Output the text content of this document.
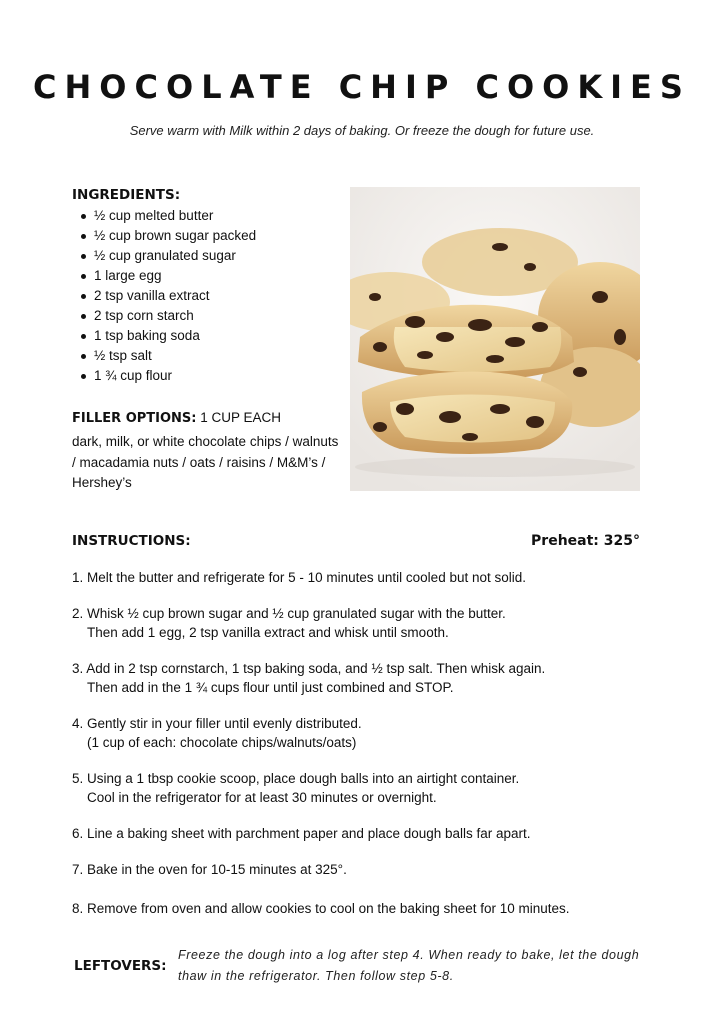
CHOCOLATE CHIP COOKIES
Serve warm with Milk within 2 days of baking. Or freeze the dough for future use.
INGREDIENTS:
½ cup melted butter
½ cup brown sugar packed
½ cup granulated sugar
1 large egg
2 tsp vanilla extract
2 tsp corn starch
1 tsp baking soda
½ tsp salt
1 ¾ cup flour
FILLER OPTIONS: 1 CUP EACH
dark, milk, or white chocolate chips / walnuts / macadamia nuts / oats / raisins / M&M’s / Hershey’s
INSTRUCTIONS:	Preheat: 325°
1. Melt the butter and refrigerate for 5 - 10 minutes until cooled but not solid.
2. Whisk ½ cup brown sugar and ½ cup granulated sugar with the butter.
Then add 1 egg, 2 tsp vanilla extract and whisk until smooth.
3. Add in 2 tsp cornstarch, 1 tsp baking soda, and ½ tsp salt. Then whisk again.
Then add in the 1 ¾ cups flour until just combined and STOP.
4. Gently stir in your filler until evenly distributed.
(1 cup of each: chocolate chips/walnuts/oats)
5. Using a 1 tbsp cookie scoop, place dough balls into an airtight container.
Cool in the refrigerator for at least 30 minutes or overnight.
6. Line a baking sheet with parchment paper and place dough balls far apart.
7. Bake in the oven for 10-15 minutes at 325°.
8. Remove from oven and allow cookies to cool on the baking sheet for 10 minutes.
LEFTOVERS:
Freeze the dough into a log after step 4. When ready to bake, let the dough thaw in the refrigerator. Then follow step 5-8.
